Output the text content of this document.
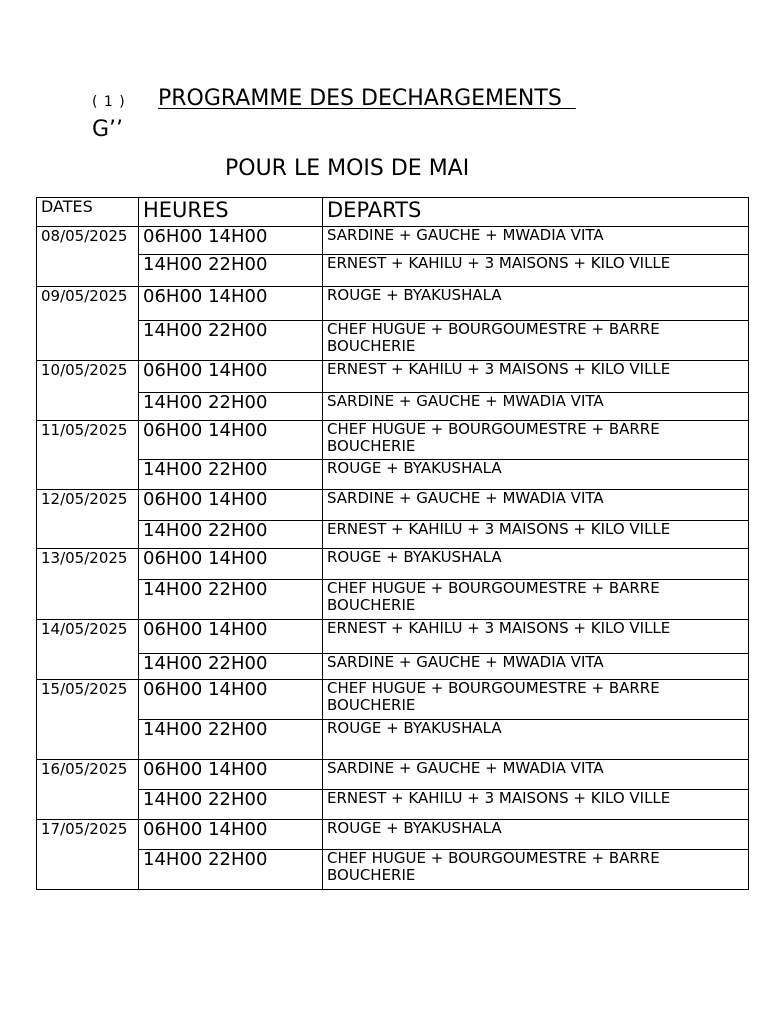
( 1 ) PROGRAMME DES DECHARGEMENTS
G’’
POUR LE MOIS DE MAI
DATES	HEURES	DEPARTS
08/05/2025	06H00 14H00	SARDINE + GAUCHE + MWADIA VITA
	14H00 22H00	ERNEST + KAHILU + 3 MAISONS + KILO VILLE
09/05/2025	06H00 14H00	ROUGE + BYAKUSHALA
	14H00 22H00	CHEF HUGUE + BOURGOUMESTRE + BARRE BOUCHERIE
10/05/2025	06H00 14H00	ERNEST + KAHILU + 3 MAISONS + KILO VILLE
	14H00 22H00	SARDINE + GAUCHE + MWADIA VITA
11/05/2025	06H00 14H00	CHEF HUGUE + BOURGOUMESTRE + BARRE BOUCHERIE
	14H00 22H00	ROUGE + BYAKUSHALA
12/05/2025	06H00 14H00	SARDINE + GAUCHE + MWADIA VITA
	14H00 22H00	ERNEST + KAHILU + 3 MAISONS + KILO VILLE
13/05/2025	06H00 14H00	ROUGE + BYAKUSHALA
	14H00 22H00	CHEF HUGUE + BOURGOUMESTRE + BARRE BOUCHERIE
14/05/2025	06H00 14H00	ERNEST + KAHILU + 3 MAISONS + KILO VILLE
	14H00 22H00	SARDINE + GAUCHE + MWADIA VITA
15/05/2025	06H00 14H00	CHEF HUGUE + BOURGOUMESTRE + BARRE BOUCHERIE
	14H00 22H00	ROUGE + BYAKUSHALA
16/05/2025	06H00 14H00	SARDINE + GAUCHE + MWADIA VITA
	14H00 22H00	ERNEST + KAHILU + 3 MAISONS + KILO VILLE
17/05/2025	06H00 14H00	ROUGE + BYAKUSHALA
	14H00 22H00	CHEF HUGUE + BOURGOUMESTRE + BARRE BOUCHERIE
